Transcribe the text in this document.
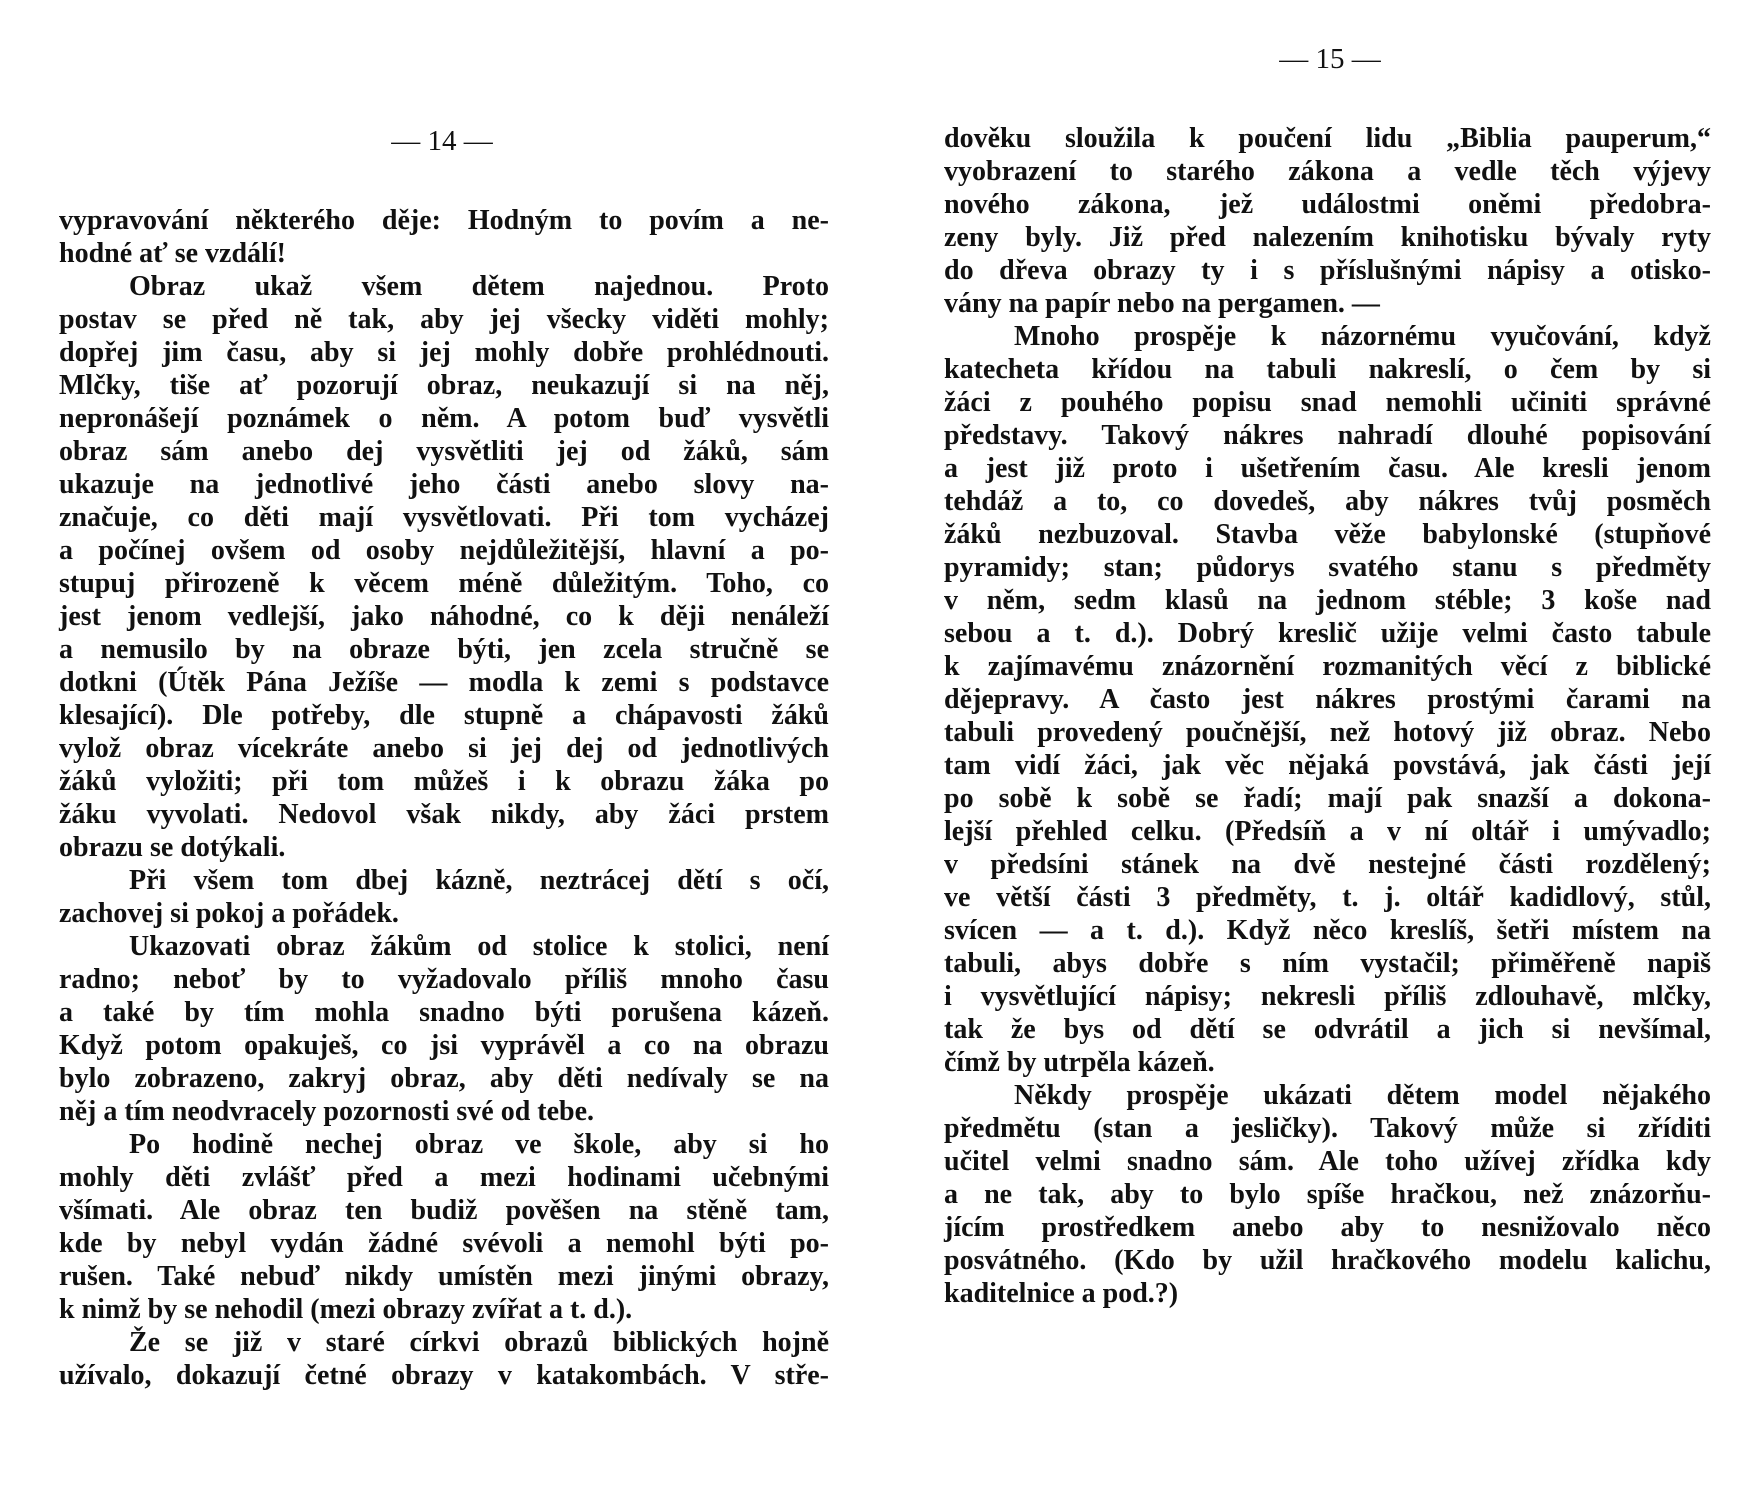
— 14 —
vypravování některého děje: Hodným to povím a ne-
hodné ať se vzdálí!
Obraz ukaž všem dětem najednou. Proto
postav se před ně tak, aby jej všecky viděti mohly;
dopřej jim času, aby si jej mohly dobře prohlédnouti.
Mlčky, tiše ať pozorují obraz, neukazují si na něj,
nepronášejí poznámek o něm. A potom buď vysvětli
obraz sám anebo dej vysvětliti jej od žáků, sám
ukazuje na jednotlivé jeho části anebo slovy na-
značuje, co děti mají vysvětlovati. Při tom vycházej
a počínej ovšem od osoby nejdůležitější, hlavní a po-
stupuj přirozeně k věcem méně důležitým. Toho, co
jest jenom vedlejší, jako náhodné, co k ději nenáleží
a nemusilo by na obraze býti, jen zcela stručně se
dotkni (Útěk Pána Ježíše — modla k zemi s podstavce
klesající). Dle potřeby, dle stupně a chápavosti žáků
vylož obraz vícekráte anebo si jej dej od jednotlivých
žáků vyložiti; při tom můžeš i k obrazu žáka po
žáku vyvolati. Nedovol však nikdy, aby žáci prstem
obrazu se dotýkali.
Při všem tom dbej kázně, neztrácej dětí s očí,
zachovej si pokoj a pořádek.
Ukazovati obraz žákům od stolice k stolici, není
radno; neboť by to vyžadovalo příliš mnoho času
a také by tím mohla snadno býti porušena kázeň.
Když potom opakuješ, co jsi vyprávěl a co na obrazu
bylo zobrazeno, zakryj obraz, aby děti nedívaly se na
něj a tím neodvracely pozornosti své od tebe.
Po hodině nechej obraz ve škole, aby si ho
mohly děti zvlášť před a mezi hodinami učebnými
všímati. Ale obraz ten budiž pověšen na stěně tam,
kde by nebyl vydán žádné svévoli a nemohl býti po-
rušen. Také nebuď nikdy umístěn mezi jinými obrazy,
k nimž by se nehodil (mezi obrazy zvířat a t. d.).
Že se již v staré církvi obrazů biblických hojně
užívalo, dokazují četné obrazy v katakombách. V stře-
— 15 —
dověku sloužila k poučení lidu „Biblia pauperum,“
vyobrazení to starého zákona a vedle těch výjevy
nového zákona, jež událostmi oněmi předobra-
zeny byly. Již před nalezením knihotisku bývaly ryty
do dřeva obrazy ty i s příslušnými nápisy a otisko-
vány na papír nebo na pergamen. —
Mnoho prospěje k názornému vyučování, když
katecheta křídou na tabuli nakreslí, o čem by si
žáci z pouhého popisu snad nemohli učiniti správné
představy. Takový nákres nahradí dlouhé popisování
a jest již proto i ušetřením času. Ale kresli jenom
tehdáž a to, co dovedeš, aby nákres tvůj posměch
žáků nezbuzoval. Stavba věže babylonské (stupňové
pyramidy; stan; půdorys svatého stanu s předměty
v něm, sedm klasů na jednom stéble; 3 koše nad
sebou a t. d.). Dobrý kreslič užije velmi často tabule
k zajímavému znázornění rozmanitých věcí z biblické
dějepravy. A často jest nákres prostými čarami na
tabuli provedený poučnější, než hotový již obraz. Nebo
tam vidí žáci, jak věc nějaká povstává, jak části její
po sobě k sobě se řadí; mají pak snazší a dokona-
lejší přehled celku. (Předsíň a v ní oltář i umývadlo;
v předsíni stánek na dvě nestejné části rozdělený;
ve větší části 3 předměty, t. j. oltář kadidlový, stůl,
svícen — a t. d.). Když něco kreslíš, šetři místem na
tabuli, abys dobře s ním vystačil; přiměřeně napiš
i vysvětlující nápisy; nekresli příliš zdlouhavě, mlčky,
tak že bys od dětí se odvrátil a jich si nevšímal,
čímž by utrpěla kázeň.
Někdy prospěje ukázati dětem model nějakého
předmětu (stan a jesličky). Takový může si zříditi
učitel velmi snadno sám. Ale toho užívej zřídka kdy
a ne tak, aby to bylo spíše hračkou, než znázorňu-
jícím prostředkem anebo aby to nesnižovalo něco
posvátného. (Kdo by užil hračkového modelu kalichu,
kaditelnice a pod.?)
